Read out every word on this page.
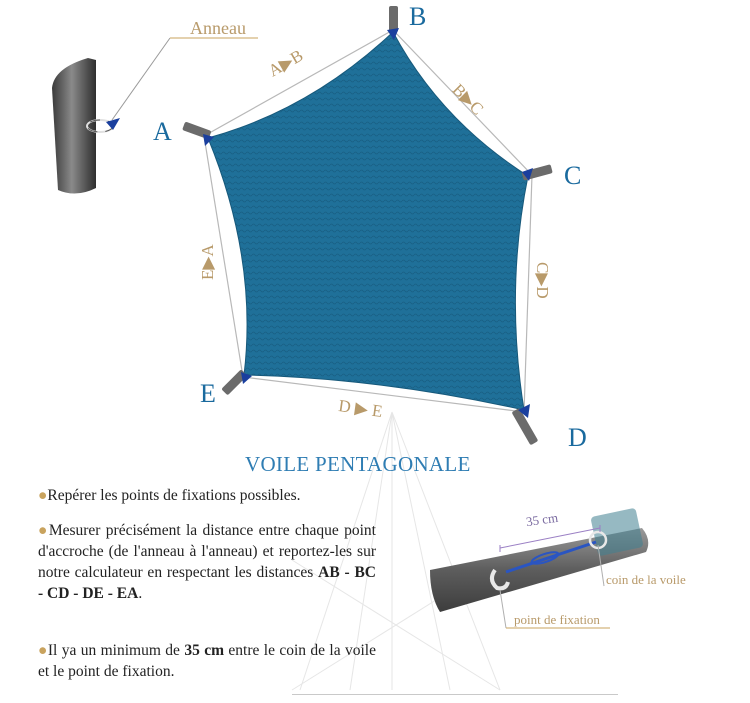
Anneau
A
B
C
D
E
A▶B
B▶C
C▶D
D ▶ E
E▶A
VOILE PENTAGONALE
●Repérer les points de fixations possibles.
●Mesurer précisément la distance entre chaque point d'accroche (de l'anneau à l'anneau) et reportez-les sur notre calculateur en respectant les distances AB - BC - CD - DE - EA.
●Il ya un minimum de 35 cm entre le coin de la voile et le point de fixation.
35 cm
coin de la voile
point de fixation
